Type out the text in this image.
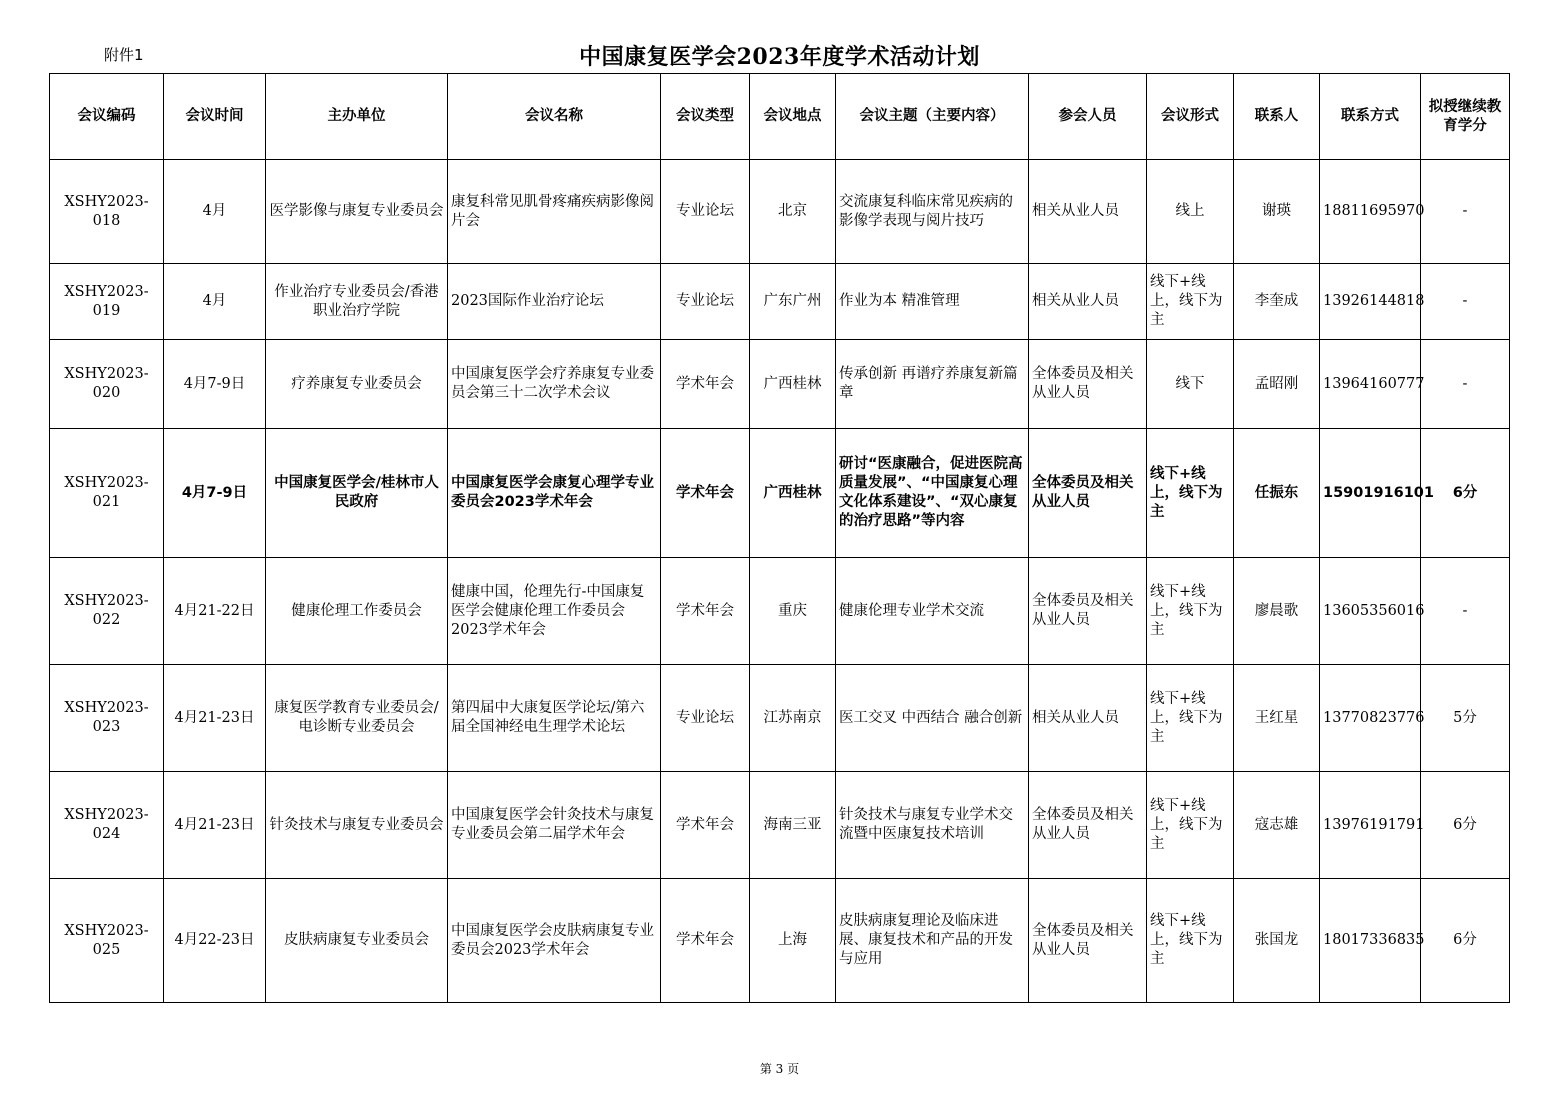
附件1	中国康复医学会2023年度学术活动计划
会议编码	会议时间	主办单位	会议名称	会议类型	会议地点	会议主题（主要内容）	参会人员	会议形式	联系人	联系方式	拟授继续教育学分
XSHY2023-018	4月	医学影像与康复专业委员会	康复科常见肌骨疼痛疾病影像阅片会	专业论坛	北京	交流康复科临床常见疾病的影像学表现与阅片技巧	相关从业人员	线上	谢瑛	18811695970	-
XSHY2023-019	4月	作业治疗专业委员会/香港职业治疗学院	2023国际作业治疗论坛	专业论坛	广东广州	作业为本 精准管理	相关从业人员	线下+线上，线下为主	李奎成	13926144818	-
XSHY2023-020	4月7-9日	疗养康复专业委员会	中国康复医学会疗养康复专业委员会第三十二次学术会议	学术年会	广西桂林	传承创新 再谱疗养康复新篇章	全体委员及相关从业人员	线下	孟昭刚	13964160777	-
XSHY2023-021	4月7-9日	中国康复医学会/桂林市人民政府	中国康复医学会康复心理学专业委员会2023学术年会	学术年会	广西桂林	研讨“医康融合，促进医院高质量发展”、“中国康复心理文化体系建设”、“双心康复的治疗思路”等内容	全体委员及相关从业人员	线下+线上，线下为主	任振东	15901916101	6分
XSHY2023-022	4月21-22日	健康伦理工作委员会	健康中国，伦理先行-中国康复医学会健康伦理工作委员会2023学术年会	学术年会	重庆	健康伦理专业学术交流	全体委员及相关从业人员	线下+线上，线下为主	廖晨歌	13605356016	-
XSHY2023-023	4月21-23日	康复医学教育专业委员会/电诊断专业委员会	第四届中大康复医学论坛/第六届全国神经电生理学术论坛	专业论坛	江苏南京	医工交叉 中西结合 融合创新	相关从业人员	线下+线上，线下为主	王红星	13770823776	5分
XSHY2023-024	4月21-23日	针灸技术与康复专业委员会	中国康复医学会针灸技术与康复专业委员会第二届学术年会	学术年会	海南三亚	针灸技术与康复专业学术交流暨中医康复技术培训	全体委员及相关从业人员	线下+线上，线下为主	寇志雄	13976191791	6分
XSHY2023-025	4月22-23日	皮肤病康复专业委员会	中国康复医学会皮肤病康复专业委员会2023学术年会	学术年会	上海	皮肤病康复理论及临床进展、康复技术和产品的开发与应用	全体委员及相关从业人员	线下+线上，线下为主	张国龙	18017336835	6分
第 3 页
